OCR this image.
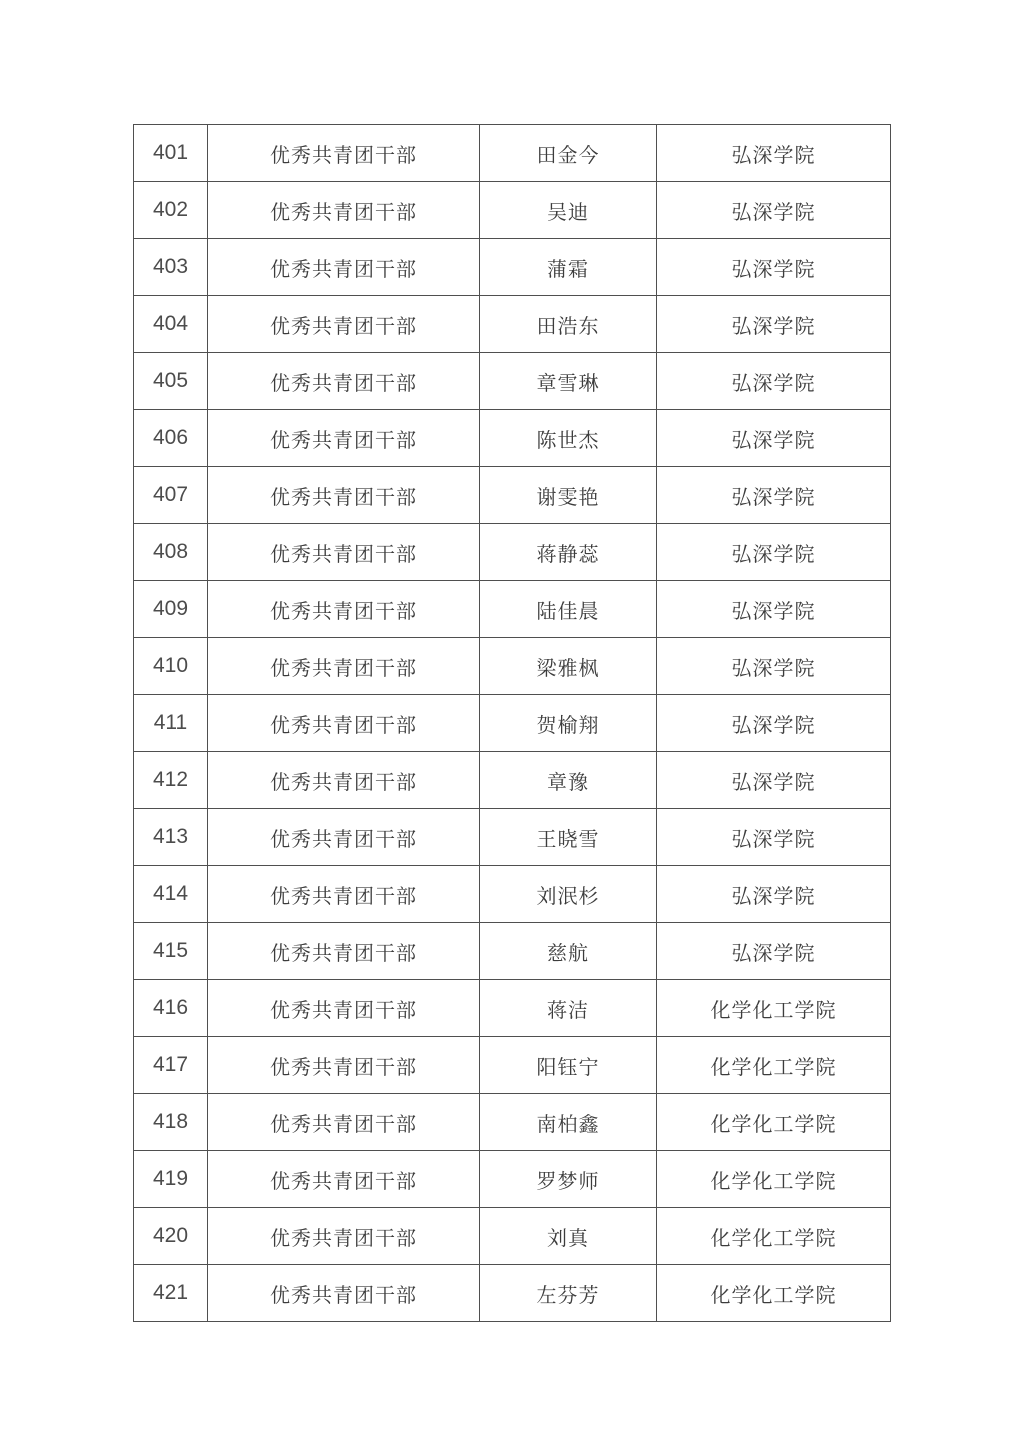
401	优秀共青团干部	田金今	弘深学院
402	优秀共青团干部	吴迪	弘深学院
403	优秀共青团干部	蒲霜	弘深学院
404	优秀共青团干部	田浩东	弘深学院
405	优秀共青团干部	章雪琳	弘深学院
406	优秀共青团干部	陈世杰	弘深学院
407	优秀共青团干部	谢雯艳	弘深学院
408	优秀共青团干部	蒋静蕊	弘深学院
409	优秀共青团干部	陆佳晨	弘深学院
410	优秀共青团干部	梁雅枫	弘深学院
411	优秀共青团干部	贺榆翔	弘深学院
412	优秀共青团干部	章豫	弘深学院
413	优秀共青团干部	王晓雪	弘深学院
414	优秀共青团干部	刘泯杉	弘深学院
415	优秀共青团干部	慈航	弘深学院
416	优秀共青团干部	蒋洁	化学化工学院
417	优秀共青团干部	阳钰宁	化学化工学院
418	优秀共青团干部	南柏鑫	化学化工学院
419	优秀共青团干部	罗梦师	化学化工学院
420	优秀共青团干部	刘真	化学化工学院
421	优秀共青团干部	左芬芳	化学化工学院
